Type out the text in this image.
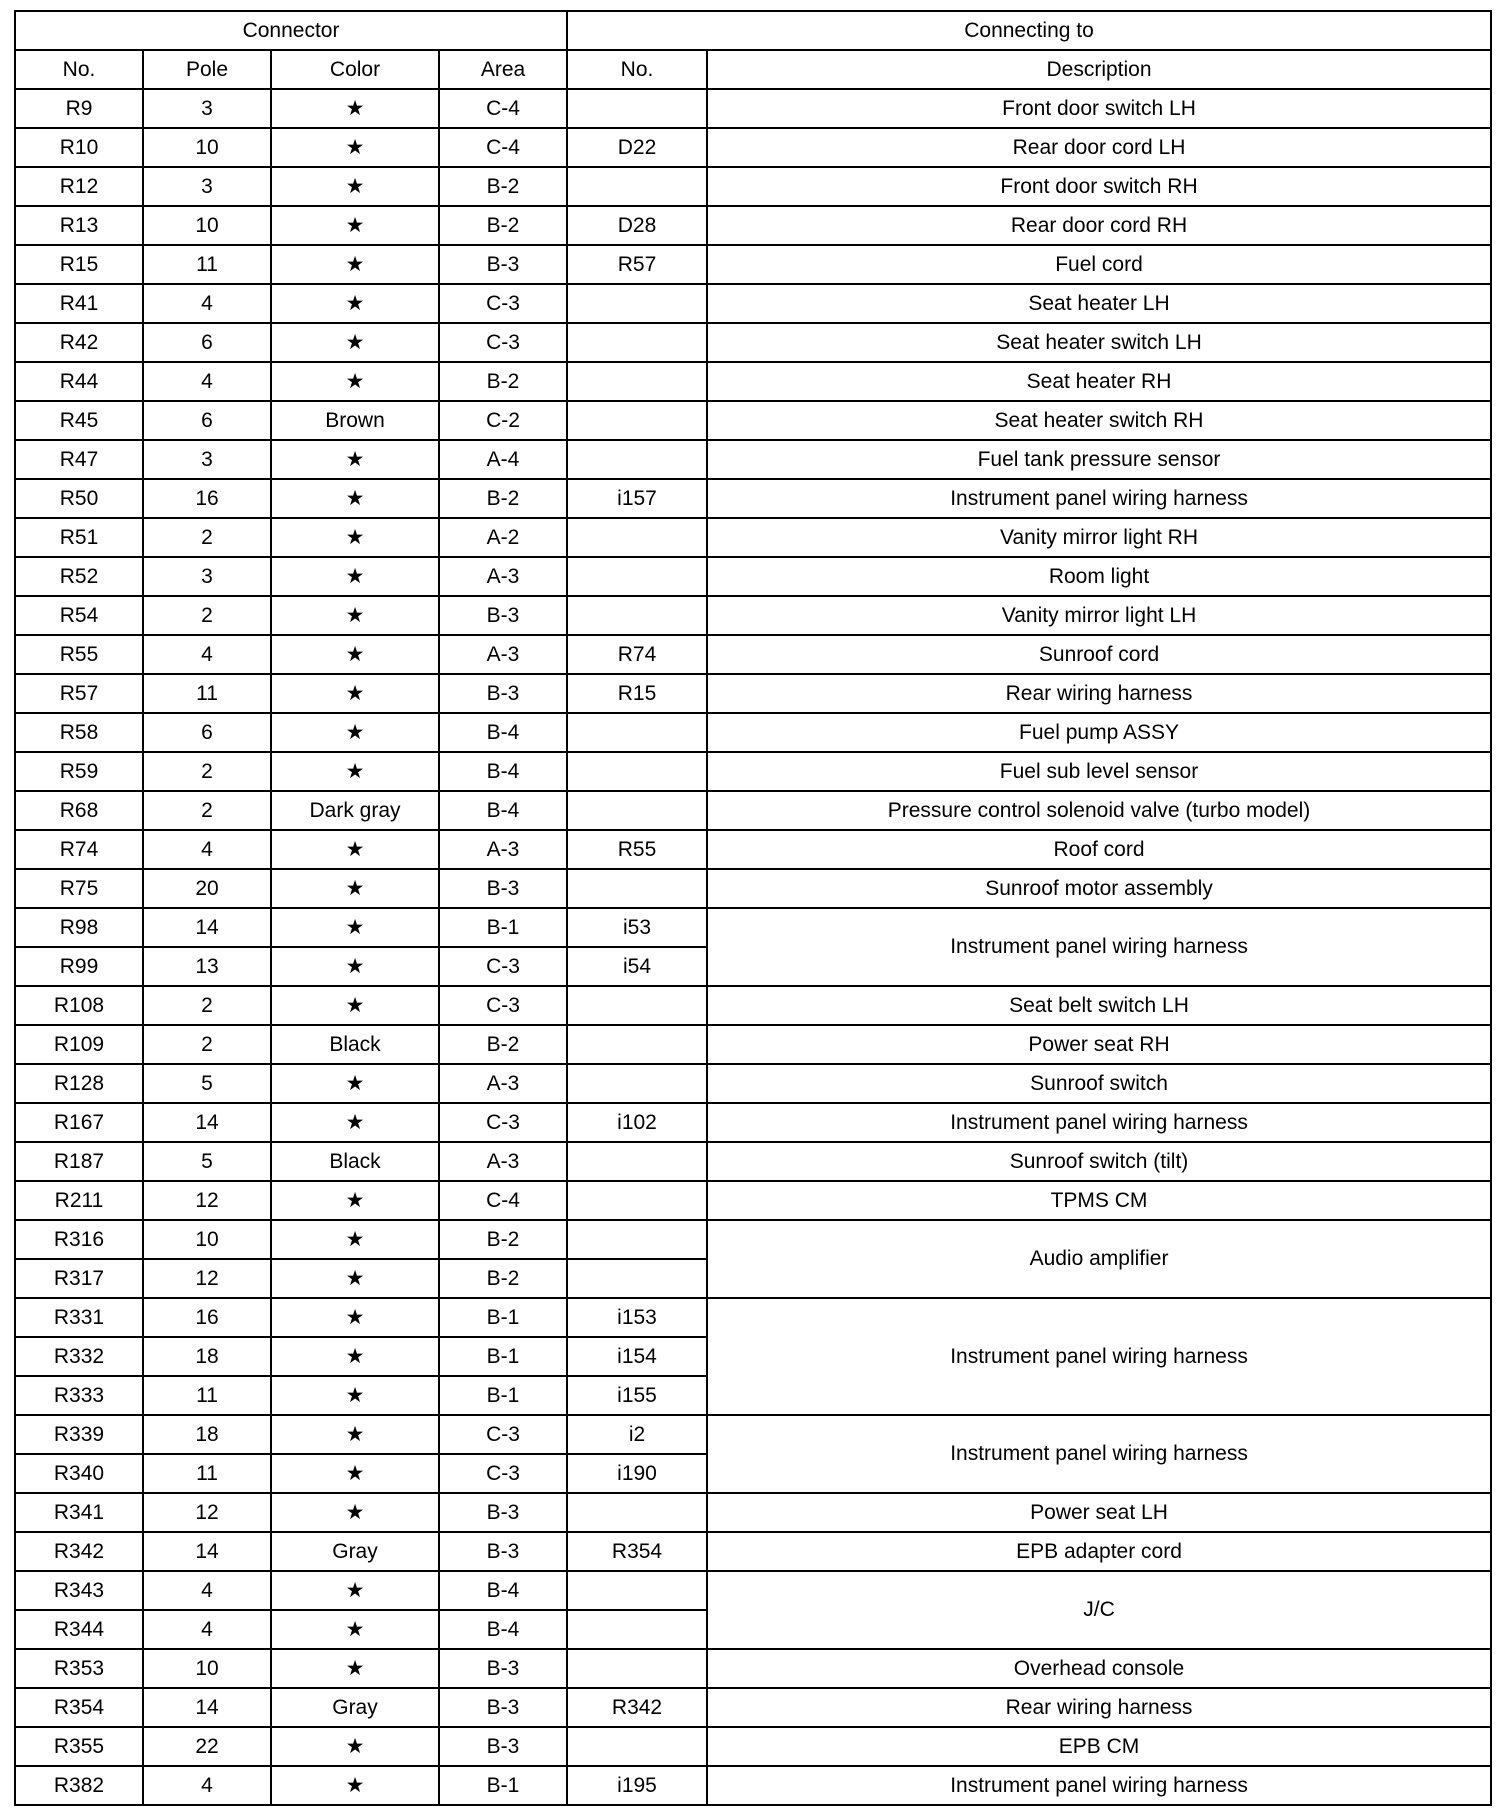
Connector				Connecting to	
No.	Pole	Color	Area	No.	Description
R9	3	★	C-4		Front door switch LH
R10	10	★	C-4	D22	Rear door cord LH
R12	3	★	B-2		Front door switch RH
R13	10	★	B-2	D28	Rear door cord RH
R15	11	★	B-3	R57	Fuel cord
R41	4	★	C-3		Seat heater LH
R42	6	★	C-3		Seat heater switch LH
R44	4	★	B-2		Seat heater RH
R45	6	Brown	C-2		Seat heater switch RH
R47	3	★	A-4		Fuel tank pressure sensor
R50	16	★	B-2	i157	Instrument panel wiring harness
R51	2	★	A-2		Vanity mirror light RH
R52	3	★	A-3		Room light
R54	2	★	B-3		Vanity mirror light LH
R55	4	★	A-3	R74	Sunroof cord
R57	11	★	B-3	R15	Rear wiring harness
R58	6	★	B-4		Fuel pump ASSY
R59	2	★	B-4		Fuel sub level sensor
R68	2	Dark gray	B-4		Pressure control solenoid valve (turbo model)
R74	4	★	A-3	R55	Roof cord
R75	20	★	B-3		Sunroof motor assembly
R98	14	★	B-1	i53	Instrument panel wiring harness
R99	13	★	C-3	i54	
R108	2	★	C-3		Seat belt switch LH
R109	2	Black	B-2		Power seat RH
R128	5	★	A-3		Sunroof switch
R167	14	★	C-3	i102	Instrument panel wiring harness
R187	5	Black	A-3		Sunroof switch (tilt)
R211	12	★	C-4		TPMS CM
R316	10	★	B-2		Audio amplifier
R317	12	★	B-2		
R331	16	★	B-1	i153	Instrument panel wiring harness
R332	18	★	B-1	i154	
R333	11	★	B-1	i155	
R339	18	★	C-3	i2	Instrument panel wiring harness
R340	11	★	C-3	i190	
R341	12	★	B-3		Power seat LH
R342	14	Gray	B-3	R354	EPB adapter cord
R343	4	★	B-4		J/C
R344	4	★	B-4		
R353	10	★	B-3		Overhead console
R354	14	Gray	B-3	R342	Rear wiring harness
R355	22	★	B-3		EPB CM
R382	4	★	B-1	i195	Instrument panel wiring harness
